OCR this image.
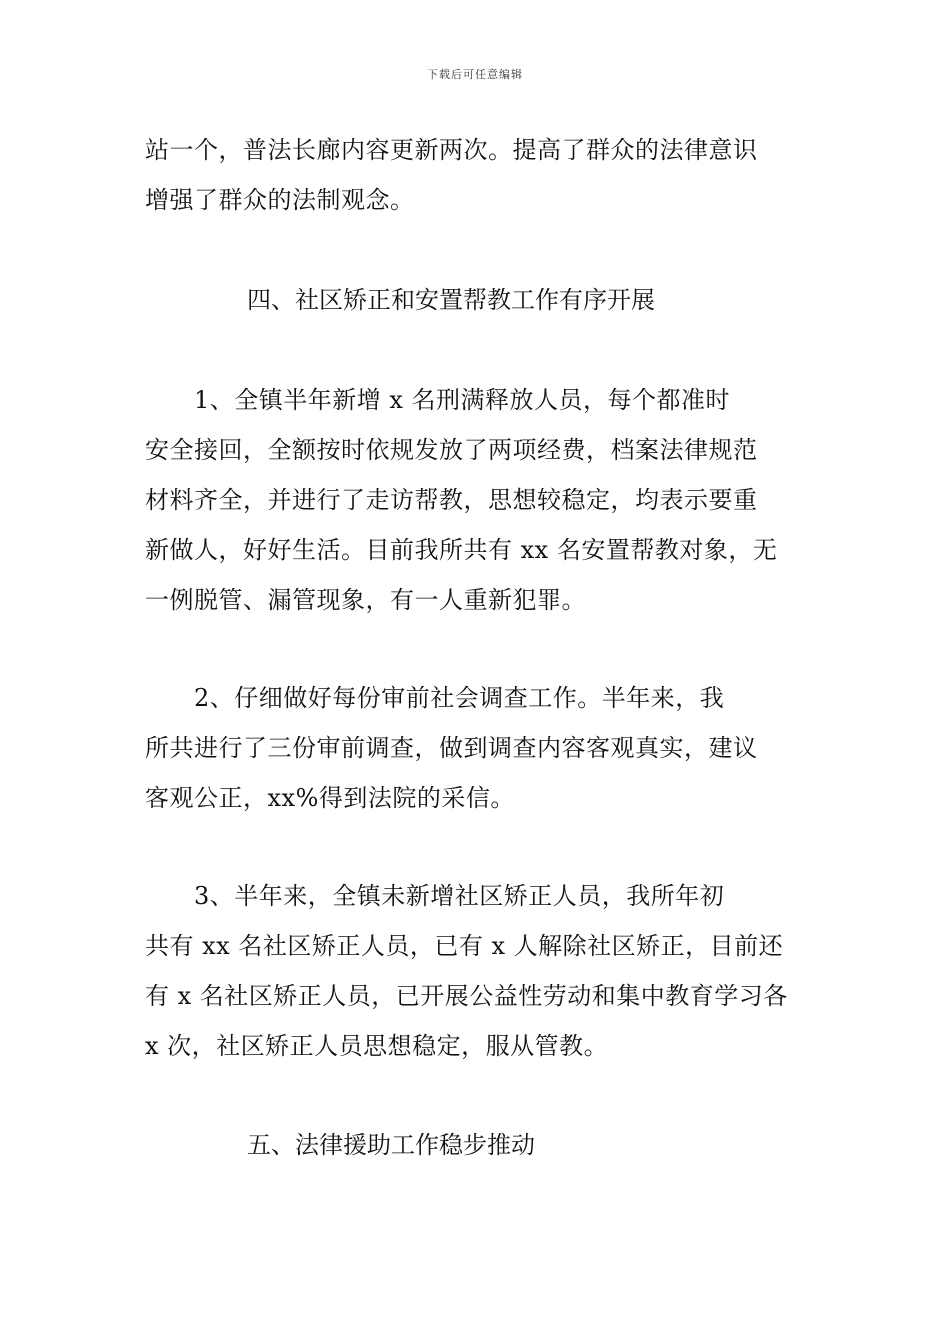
下载后可任意编辑
站一个，普法长廊内容更新两次。提高了群众的法律意识
增强了群众的法制观念。
四、社区矫正和安置帮教工作有序开展
　　1、全镇半年新增 x 名刑满释放人员，每个都准时
安全接回，全额按时依规发放了两项经费，档案法律规范
材料齐全，并进行了走访帮教，思想较稳定，均表示要重
新做人，好好生活。目前我所共有 xx 名安置帮教对象，无
一例脱管、漏管现象，有一人重新犯罪。
　　2、仔细做好每份审前社会调查工作。半年来，我
所共进行了三份审前调查，做到调查内容客观真实，建议
客观公正，xx%得到法院的采信。
　　3、半年来，全镇未新增社区矫正人员，我所年初
共有 xx 名社区矫正人员，已有 x 人解除社区矫正，目前还
有 x 名社区矫正人员，已开展公益性劳动和集中教育学习各
x 次，社区矫正人员思想稳定，服从管教。
五、法律援助工作稳步推动
